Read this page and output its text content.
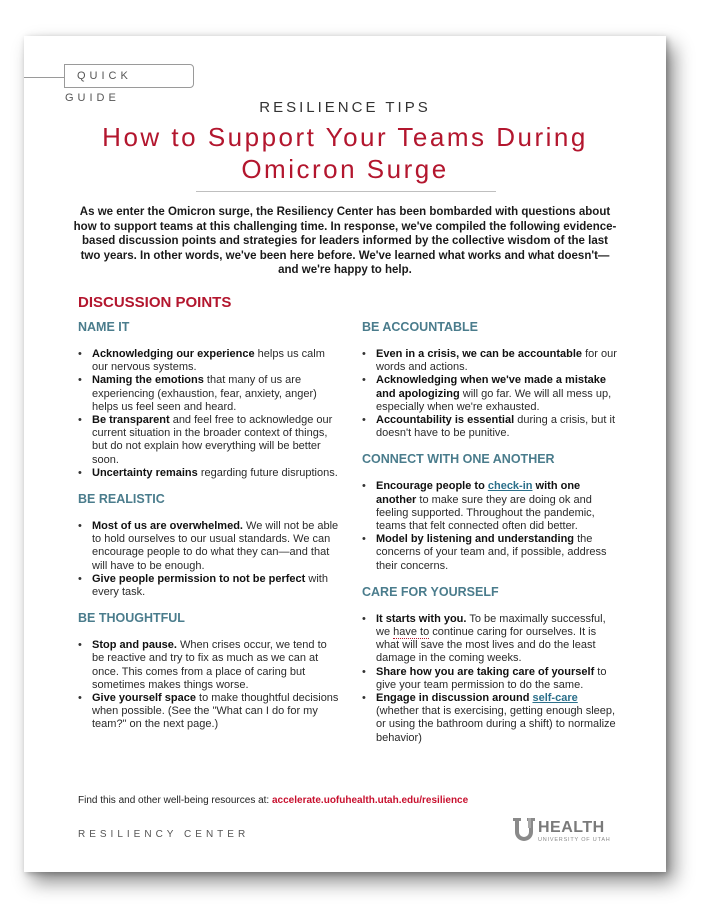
QUICK GUIDE
RESILIENCE TIPS
How to Support Your Teams During Omicron Surge
As we enter the Omicron surge, the Resiliency Center has been bombarded with questions about how to support teams at this challenging time. In response, we've compiled the following evidence-based discussion points and strategies for leaders informed by the collective wisdom of the last two years. In other words, we've been here before. We've learned what works and what doesn't—and we're happy to help.
DISCUSSION POINTS
NAME IT
• Acknowledging our experience helps us calm our nervous systems.
• Naming the emotions that many of us are experiencing (exhaustion, fear, anxiety, anger) helps us feel seen and heard.
• Be transparent and feel free to acknowledge our current situation in the broader context of things, but do not explain how everything will be better soon.
• Uncertainty remains regarding future disruptions.
BE REALISTIC
• Most of us are overwhelmed. We will not be able to hold ourselves to our usual standards. We can encourage people to do what they can—and that will have to be enough.
• Give people permission to not be perfect with every task.
BE THOUGHTFUL
• Stop and pause. When crises occur, we tend to be reactive and try to fix as much as we can at once. This comes from a place of caring but sometimes makes things worse.
• Give yourself space to make thoughtful decisions when possible. (See the "What can I do for my team?" on the next page.)
BE ACCOUNTABLE
• Even in a crisis, we can be accountable for our words and actions.
• Acknowledging when we've made a mistake and apologizing will go far. We will all mess up, especially when we're exhausted.
• Accountability is essential during a crisis, but it doesn't have to be punitive.
CONNECT WITH ONE ANOTHER
• Encourage people to check-in with one another to make sure they are doing ok and feeling supported. Throughout the pandemic, teams that felt connected often did better.
• Model by listening and understanding the concerns of your team and, if possible, address their concerns.
CARE FOR YOURSELF
• It starts with you. To be maximally successful, we have to continue caring for ourselves. It is what will save the most lives and do the least damage in the coming weeks.
• Share how you are taking care of yourself to give your team permission to do the same.
• Engage in discussion around self-care (whether that is exercising, getting enough sleep, or using the bathroom during a shift) to normalize behavior)
Find this and other well-being resources at: accelerate.uofuhealth.utah.edu/resilience
RESILIENCY CENTER	HEALTH
UNIVERSITY OF UTAH
